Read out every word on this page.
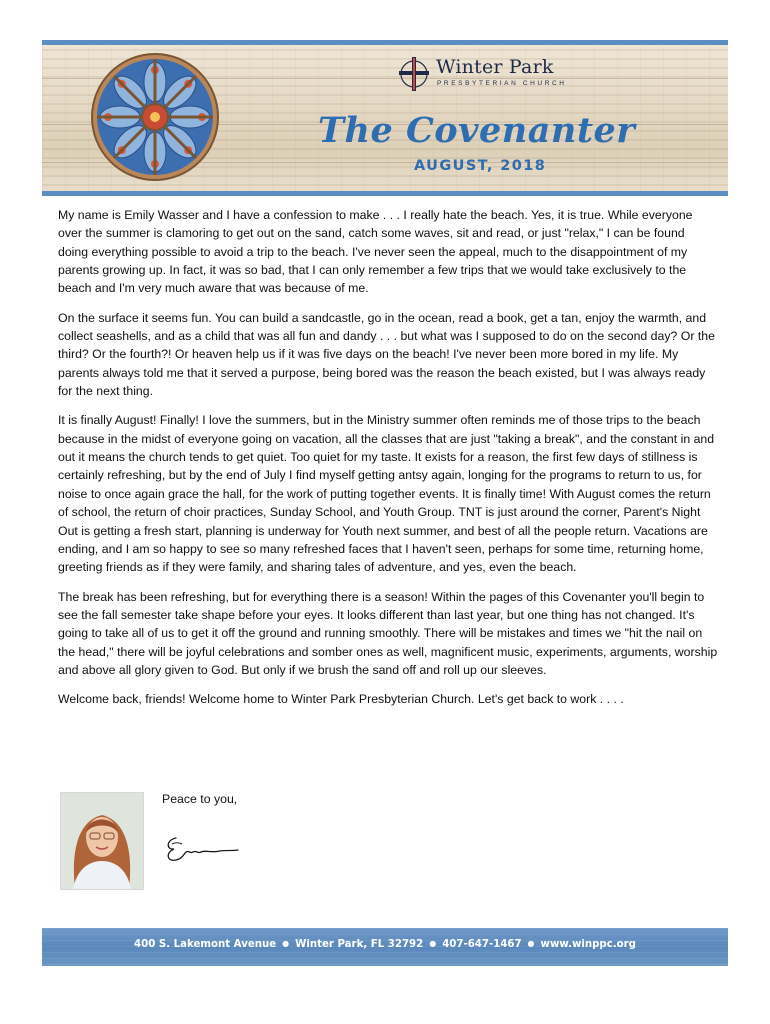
Winter Park
PRESBYTERIAN CHURCH
The Covenanter
AUGUST, 2018

My name is Emily Wasser and I have a confession to make . . . I really hate the beach. Yes, it is true. While everyone over the summer is clamoring to get out on the sand, catch some waves, sit and read, or just "relax," I can be found doing everything possible to avoid a trip to the beach. I've never seen the appeal, much to the disappointment of my parents growing up. In fact, it was so bad, that I can only remember a few trips that we would take exclusively to the beach and I'm very much aware that was because of me.

On the surface it seems fun. You can build a sandcastle, go in the ocean, read a book, get a tan, enjoy the warmth, and collect seashells, and as a child that was all fun and dandy . . . but what was I supposed to do on the second day? Or the third? Or the fourth?! Or heaven help us if it was five days on the beach! I've never been more bored in my life. My parents always told me that it served a purpose, being bored was the reason the beach existed, but I was always ready for the next thing.

It is finally August! Finally! I love the summers, but in the Ministry summer often reminds me of those trips to the beach because in the midst of everyone going on vacation, all the classes that are just "taking a break", and the constant in and out it means the church tends to get quiet. Too quiet for my taste. It exists for a reason, the first few days of stillness is certainly refreshing, but by the end of July I find myself getting antsy again, longing for the programs to return to us, for noise to once again grace the hall, for the work of putting together events. It is finally time! With August comes the return of school, the return of choir practices, Sunday School, and Youth Group. TNT is just around the corner, Parent's Night Out is getting a fresh start, planning is underway for Youth next summer, and best of all the people return. Vacations are ending, and I am so happy to see so many refreshed faces that I haven't seen, perhaps for some time, returning home, greeting friends as if they were family, and sharing tales of adventure, and yes, even the beach.

The break has been refreshing, but for everything there is a season! Within the pages of this Covenanter you'll begin to see the fall semester take shape before your eyes. It looks different than last year, but one thing has not changed. It's going to take all of us to get it off the ground and running smoothly. There will be mistakes and times we "hit the nail on the head," there will be joyful celebrations and somber ones as well, magnificent music, experiments, arguments, worship and above all glory given to God. But only if we brush the sand off and roll up our sleeves.

Welcome back, friends! Welcome home to Winter Park Presbyterian Church. Let's get back to work . . . .

Peace to you,
400 S. Lakemont Avenue ● Winter Park, FL 32792 ● 407-647-1467 ● www.winppc.org
